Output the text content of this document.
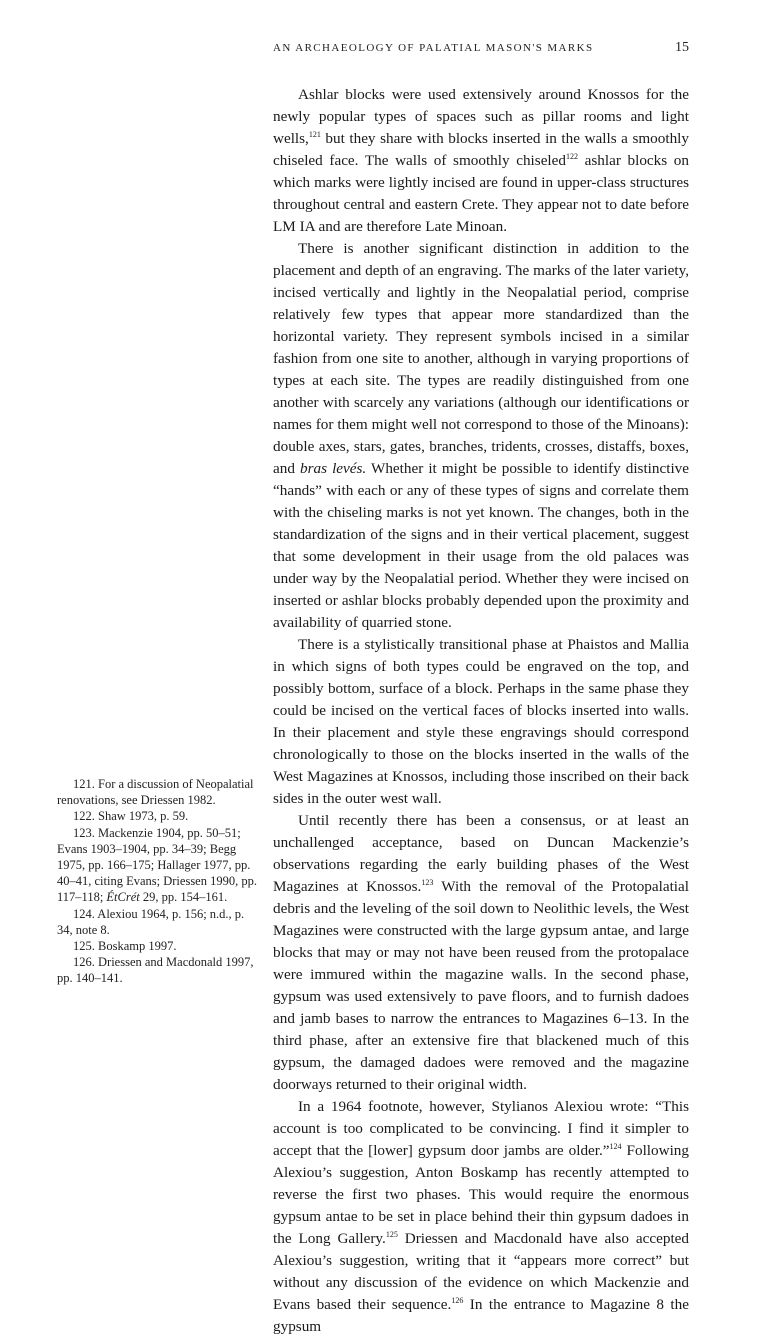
AN ARCHAEOLOGY OF PALATIAL MASON'S MARKS	15

Ashlar blocks were used extensively around Knossos for the newly popular types of spaces such as pillar rooms and light wells,$^{121}$ but they share with blocks inserted in the walls a smoothly chiseled face. The walls of smoothly chiseled$^{122}$ ashlar blocks on which marks were lightly incised are found in upper-class structures throughout central and eastern Crete. They appear not to date before LM IA and are therefore Late Minoan.

There is another significant distinction in addition to the placement and depth of an engraving. The marks of the later variety, incised vertically and lightly in the Neopalatial period, comprise relatively few types that appear more standardized than the horizontal variety. They represent symbols incised in a similar fashion from one site to another, although in varying proportions of types at each site. The types are readily distinguished from one another with scarcely any variations (although our identifications or names for them might well not correspond to those of the Minoans): double axes, stars, gates, branches, tridents, crosses, distaffs, boxes, and bras levés. Whether it might be possible to identify distinctive “hands” with each or any of these types of signs and correlate them with the chiseling marks is not yet known. The changes, both in the standardization of the signs and in their vertical placement, suggest that some development in their usage from the old palaces was under way by the Neopalatial period. Whether they were incised on inserted or ashlar blocks probably depended upon the proximity and availability of quarried stone.

There is a stylistically transitional phase at Phaistos and Mallia in which signs of both types could be engraved on the top, and possibly bottom, surface of a block. Perhaps in the same phase they could be incised on the vertical faces of blocks inserted into walls. In their placement and style these engravings should correspond chronologically to those on the blocks inserted in the walls of the West Magazines at Knossos, including those inscribed on their back sides in the outer west wall.

Until recently there has been a consensus, or at least an unchallenged acceptance, based on Duncan Mackenzie’s observations regarding the early building phases of the West Magazines at Knossos.$^{123}$ With the removal of the Protopalatial debris and the leveling of the soil down to Neolithic levels, the West Magazines were constructed with the large gypsum antae, and large blocks that may or may not have been reused from the protopalace were immured within the magazine walls. In the second phase, gypsum was used extensively to pave floors, and to furnish dadoes and jamb bases to narrow the entrances to Magazines 6–13. In the third phase, after an extensive fire that blackened much of this gypsum, the damaged dadoes were removed and the magazine doorways returned to their original width.

In a 1964 footnote, however, Stylianos Alexiou wrote: “This account is too complicated to be convincing. I find it simpler to accept that the [lower] gypsum door jambs are older.”$^{124}$ Following Alexiou’s suggestion, Anton Boskamp has recently attempted to reverse the first two phases. This would require the enormous gypsum antae to be set in place behind their thin gypsum dadoes in the Long Gallery.$^{125}$ Driessen and Macdonald have also accepted Alexiou’s suggestion, writing that it “appears more correct” but without any discussion of the evidence on which Mackenzie and Evans based their sequence.$^{126}$ In the entrance to Magazine 8 the gypsum

121. For a discussion of Neopalatial renovations, see Driessen 1982.

122. Shaw 1973, p. 59.

123. Mackenzie 1904, pp. 50–51; Evans 1903–1904, pp. 34–39; Begg 1975, pp. 166–175; Hallager 1977, pp. 40–41, citing Evans; Driessen 1990, pp. 117–118; ÉtCrét 29, pp. 154–161.

124. Alexiou 1964, p. 156; n.d., p. 34, note 8.

125. Boskamp 1997.

126. Driessen and Macdonald 1997, pp. 140–141.
